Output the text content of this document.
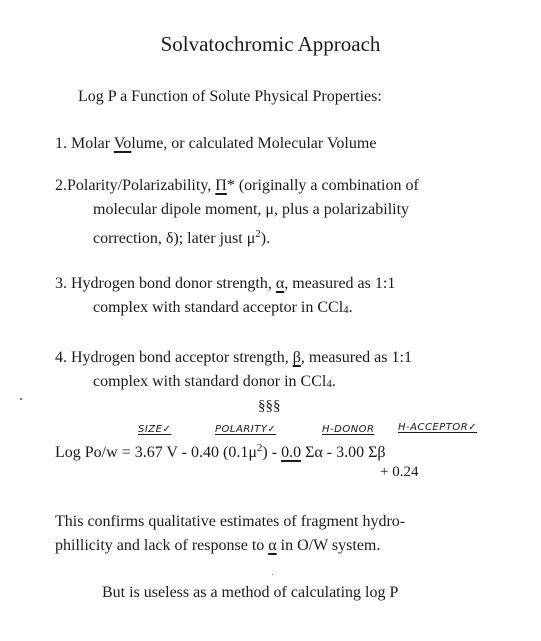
Solvatochromic Approach
Log P a Function of Solute Physical Properties:
1. Molar Volume, or calculated Molecular Volume
2.Polarity/Polarizability, Π* (originally a combination of
molecular dipole moment, μ, plus a polarizability
correction, δ); later just $\mu^2$).
3. Hydrogen bond donor strength, α, measured as 1:1
complex with standard acceptor in CCl4.
4. Hydrogen bond acceptor strength, β, measured as 1:1
complex with standard donor in CCl4.
§§§
SIZE✓	POLARITY✓	H-DONOR H-ACCEPTOR✓
Log Po/w = 3.67 V - 0.40 $(0.1\mu^2) - 0.0$ Σα - 3.00 Σβ
+ 0.24
This confirms qualitative estimates of fragment hydro-
phillicity and lack of response to α in O/W system.
But is useless as a method of calculating log P
